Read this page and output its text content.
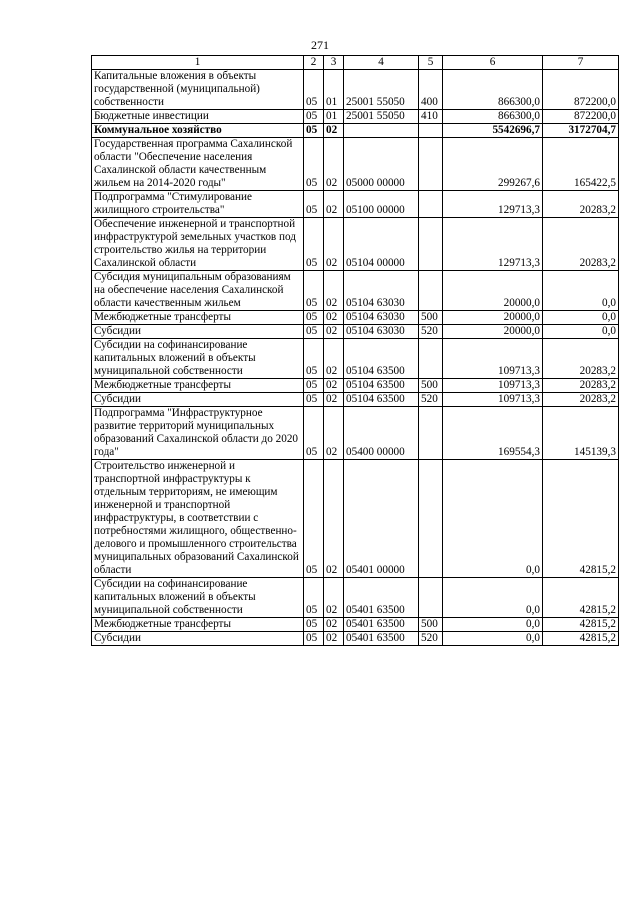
271
1	2	3	4	5	6	7
Капитальные вложения в объекты государственной (муниципальной) собственности	05	01	25001 55050	400	866300,0	872200,0
Бюджетные инвестиции	05	01	25001 55050	410	866300,0	872200,0
Коммунальное хозяйство	05	02			5542696,7	3172704,7
Государственная программа Сахалинской области "Обеспечение населения Сахалинской области качественным жильем на 2014-2020 годы"	05	02	05000 00000		299267,6	165422,5
Подпрограмма "Стимулирование жилищного строительства"	05	02	05100 00000		129713,3	20283,2
Обеспечение инженерной и транспортной инфраструктурой земельных участков под строительство жилья на территории Сахалинской области	05	02	05104 00000		129713,3	20283,2
Субсидия муниципальным образованиям на обеспечение населения Сахалинской области качественным жильем	05	02	05104 63030		20000,0	0,0
Межбюджетные трансферты	05	02	05104 63030	500	20000,0	0,0
Субсидии	05	02	05104 63030	520	20000,0	0,0
Субсидии на софинансирование капитальных вложений в объекты муниципальной собственности	05	02	05104 63500		109713,3	20283,2
Межбюджетные трансферты	05	02	05104 63500	500	109713,3	20283,2
Субсидии	05	02	05104 63500	520	109713,3	20283,2
Подпрограмма "Инфраструктурное развитие территорий муниципальных образований Сахалинской области до 2020 года"	05	02	05400 00000		169554,3	145139,3
Строительство инженерной и транспортной инфраструктуры к отдельным территориям, не имеющим инженерной и транспортной инфраструктуры, в соответствии с потребностями жилищного, общественно-делового и промышленного строительства муниципальных образований Сахалинской области	05	02	05401 00000		0,0	42815,2
Субсидии на софинансирование капитальных вложений в объекты муниципальной собственности	05	02	05401 63500		0,0	42815,2
Межбюджетные трансферты	05	02	05401 63500	500	0,0	42815,2
Субсидии	05	02	05401 63500	520	0,0	42815,2
